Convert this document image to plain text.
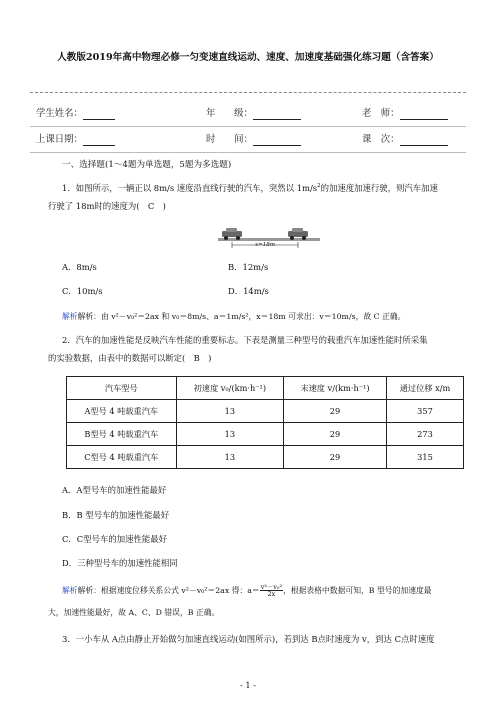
人教版2019年高中物理必修一匀变速直线运动、速度、加速度基础强化练习题（含答案）
学生姓名：	年　　级：	老　师：
上课日期：	时　　间：	课　次：
一、选择题(1～4题为单选题，5题为多选题)
1．如图所示，一辆正以 8m/s 速度沿直线行驶的汽车，突然以 $1m/s^2$的加速度加速行驶，则汽车加速
行驶了 18m时的速度为(　C　)
x=18m
A．8m/s	B．12m/s
C．10m/s	D．14m/s
解析解析：由 v²－v₀²＝2ax 和 v₀＝8m/s、a＝1m/s²，x＝18m 可求出：v＝10m/s，故 C 正确。
2．汽车的加速性能是反映汽车性能的重要标志。下表是测量三种型号的载重汽车加速性能时所采集
的实验数据，由表中的数据可以断定(　B　)
汽车型号	初速度 v₀/(km·h⁻¹)	末速度 v/(km·h⁻¹)	通过位移 x/m
A型号 4 吨载重汽车	13	29	357
B型号 4 吨载重汽车	13	29	273
C型号 4 吨载重汽车	13	29	315
A．A型号车的加速性能最好
B．B 型号车的加速性能最好
C．C型号车的加速性能最好
D．三种型号车的加速性能相同
解析解析：根据速度位移关系公式 v²－v₀²＝2ax 得：$a= \frac{\text{v²－v₀²}}{2x}$ ，根据表格中数据可知，B 型号的加速度最
大，加速性能最好，故 A、C、D 错误，B 正确。
3．一小车从 A点由静止开始做匀加速直线运动(如图所示)，若到达 B点时速度为 v，到达 C点时速度
- 1 -
